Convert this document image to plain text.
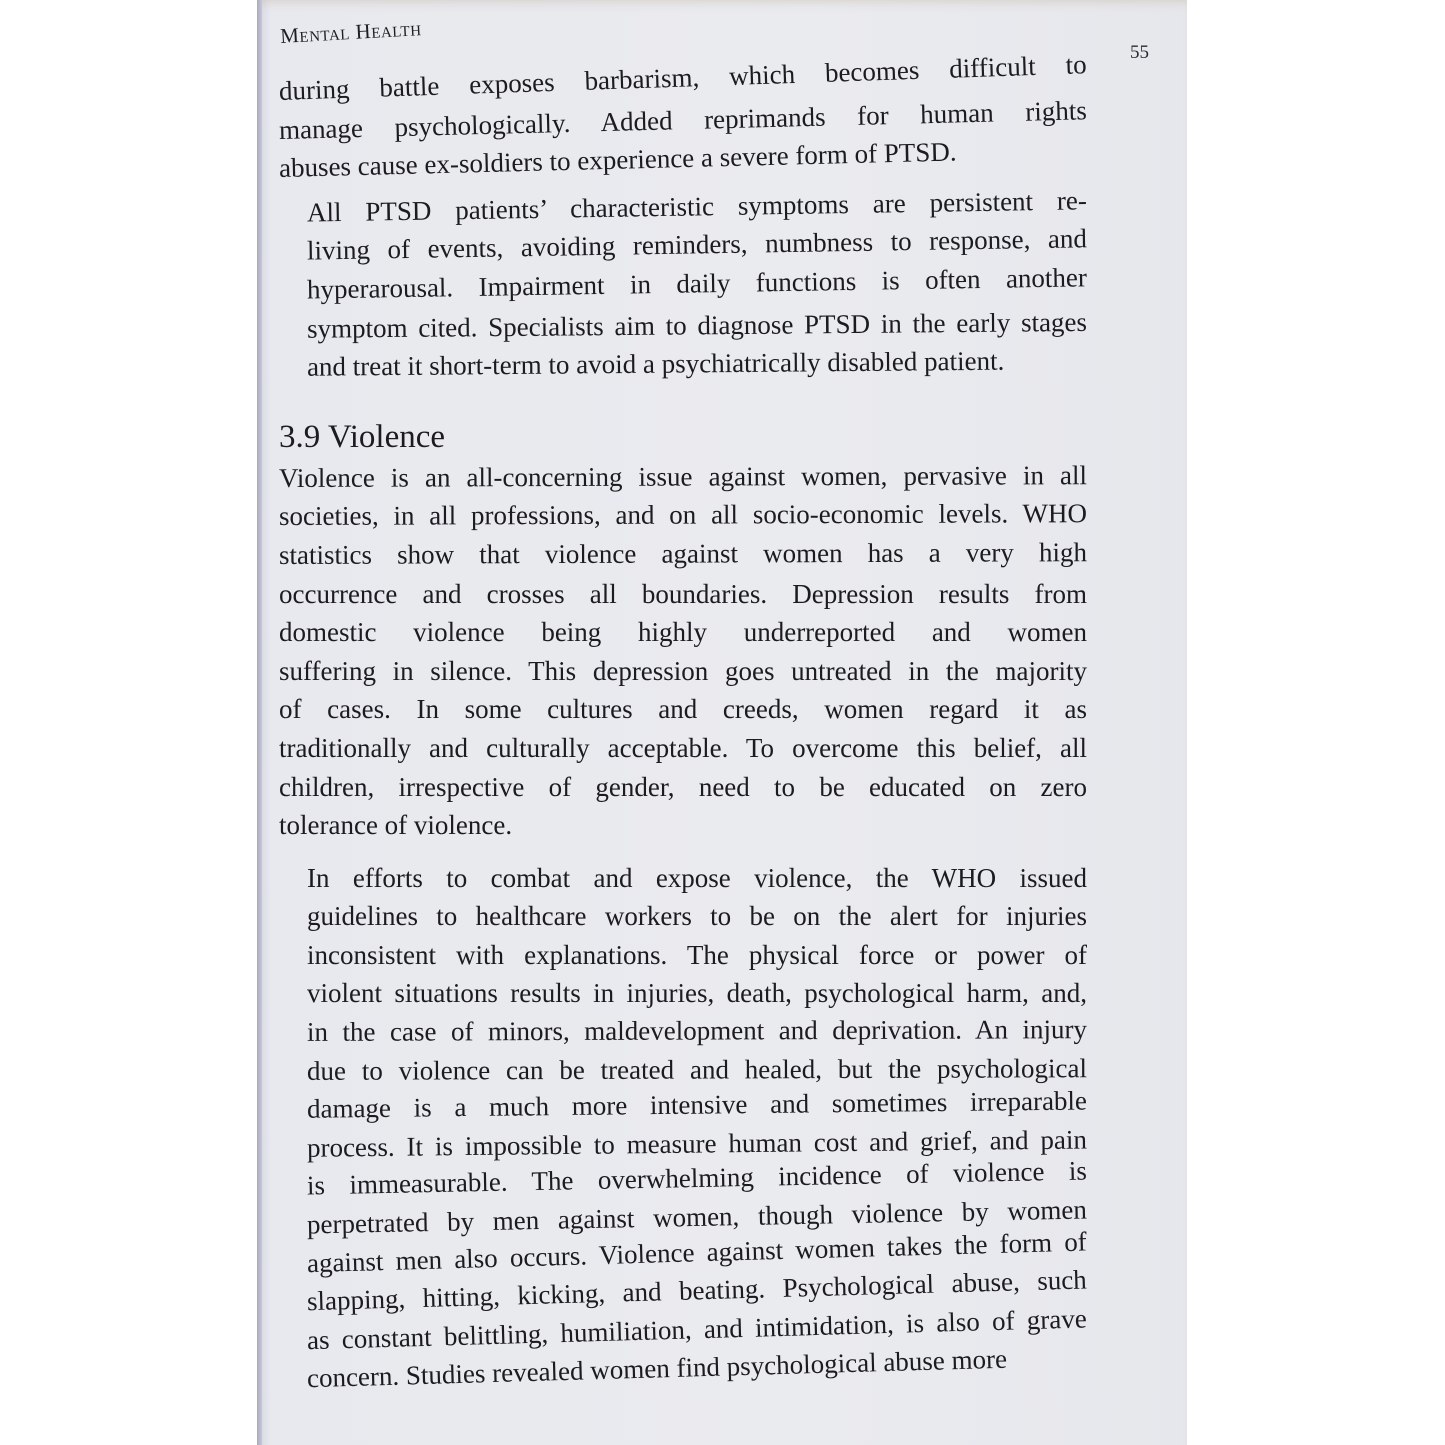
Mental Health
55

during battle exposes barbarism, which becomes difficult to
manage psychologically. Added reprimands for human rights
abuses cause ex-soldiers to experience a severe form of PTSD.

All PTSD patients’ characteristic symptoms are persistent re-
living of events, avoiding reminders, numbness to response, and
hyperarousal. Impairment in daily functions is often another
symptom cited. Specialists aim to diagnose PTSD in the early stages
and treat it short-term to avoid a psychiatrically disabled patient.

3.9 Violence

Violence is an all-concerning issue against women, pervasive in all
societies, in all professions, and on all socio-economic levels. WHO
statistics show that violence against women has a very high
occurrence and crosses all boundaries. Depression results from
domestic violence being highly underreported and women
suffering in silence. This depression goes untreated in the majority
of cases. In some cultures and creeds, women regard it as
traditionally and culturally acceptable. To overcome this belief, all
children, irrespective of gender, need to be educated on zero
tolerance of violence.

In efforts to combat and expose violence, the WHO issued
guidelines to healthcare workers to be on the alert for injuries
inconsistent with explanations. The physical force or power of
violent situations results in injuries, death, psychological harm, and,
in the case of minors, maldevelopment and deprivation. An injury
due to violence can be treated and healed, but the psychological
damage is a much more intensive and sometimes irreparable
process. It is impossible to measure human cost and grief, and pain
is immeasurable. The overwhelming incidence of violence is
perpetrated by men against women, though violence by women
against men also occurs. Violence against women takes the form of
slapping, hitting, kicking, and beating. Psychological abuse, such
as constant belittling, humiliation, and intimidation, is also of grave
concern. Studies revealed women find psychological abuse more
